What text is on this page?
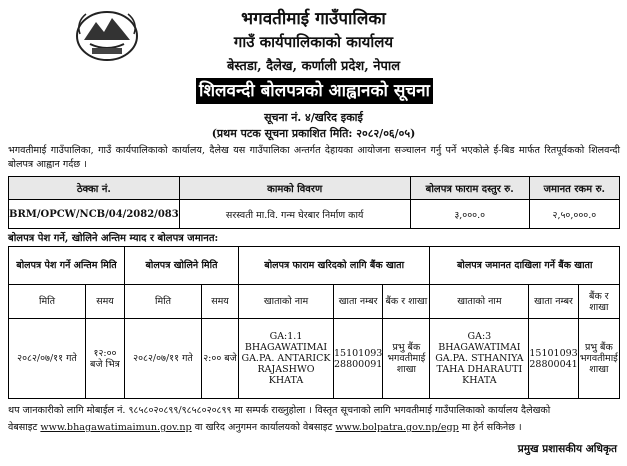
भगवतीमाई गाउँपालिका
गाउँ कार्यपालिकाको कार्यालय
बेस्तडा, दैलेख, कर्णाली प्रदेश, नेपाल
शिलवन्दी बोलपत्रको आह्वानको सूचना
सूचना नं. ४/खरिद इकाई
(प्रथम पटक सूचना प्रकाशित मिति: २०८२/०६/०५)
भगवतीमाई गाउँपालिका, गाउँ कार्यपालिकाको कार्यालय, दैलेख यस गाउँपालिका अन्तर्गत देहायका आयोजना सञ्चालन गर्नु पर्ने भएकोले ई-बिड मार्फत रितपूर्वकको शिलवन्दी बोलपत्र आह्वान गर्दछ ।
ठेक्का नं.	कामको विवरण	बोलपत्र फाराम दस्तुर रु.	जमानत रकम रु.
BRM/OPCW/NCB/04/2082/083	सरस्वती मा.वि. गन्म घेरबार निर्माण कार्य	३,०००.०	२,५०,०००.०
बोलपत्र पेश गर्ने, खोलिने अन्तिम म्याद र बोलपत्र जमानत:
बोलपत्र पेश गर्ने अन्तिम मिति		बोलपत्र खोलिने मिति		बोलपत्र फाराम खरिदको लागि बैंक खाता			बोलपत्र जमानत दाखिला गर्ने बैंक खाता		
मिति	समय	मिति	समय	खाताको नाम	खाता नम्बर	बैंक र शाखा	खाताको नाम	खाता नम्बर	बैंक र शाखा
२०८२/०७/११ गते	१२:०० बजे भित्र	२०८२/०७/११ गते	२:०० बजे	GA:1.1 BHAGAWATIMAI GA.PA. ANTARICK RAJASHWO KHATA	15101093 28800091	प्रभु बैंक भगवतीमाई शाखा	GA:3 BHAGAWATIMAI GA.PA. STHANIYA TAHA DHARAUTI KHATA	15101093 28800041	प्रभु बैंक भगवतीमाई शाखा
थप जानकारीको लागि मोबाईल नं. ९८५८०२०८९९/९८५८०२०८९९ मा सम्पर्क राख्नुहोला । विस्तृत सूचनाको लागि भगवतीमाई गाउँपालिकाको कार्यालय दैलेखको
वेबसाइट www.bhagawatimaimun.gov.np वा खरिद अनुगमन कार्यालयको वेबसाइट www.bolpatra.gov.np/egp मा हेर्न सकिनेछ ।
प्रमुख प्रशासकीय अधिकृत
